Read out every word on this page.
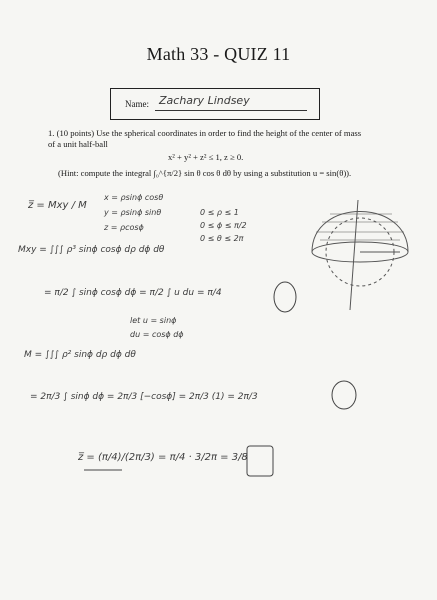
Math 33 - QUIZ 11
Name: Zachary Lindsey
1. (10 points) Use the spherical coordinates in order to find the height of the center of mass of a unit half-ball
x² + y² + z² ≤ 1, z ≥ 0.
(Hint: compute the integral ∫₀^{π/2} sin θ cos θ dθ by using a substitution u = sin(θ)).
z̅ = Mxy / M
x = ρsinϕ cosθ
y = ρsinϕ sinθ
z = ρcosϕ
0 ≤ ρ ≤ 1
0 ≤ ϕ ≤ π/2
0 ≤ θ ≤ 2π
Mxy = ∫∫∫ ρ³ sinϕ cosϕ dρ dϕ dθ
= π/2 ∫ sinϕ cosϕ dϕ = π/2 ∫ u du = π/4
let u = sinϕ
du = cosϕ dϕ
M = ∫∫∫ ρ² sinϕ dρ dϕ dθ
= 2π/3 ∫ sinϕ dϕ = 2π/3 [−cosϕ] = 2π/3 (1) = 2π/3
z̅ = (π/4)/(2π/3) = π/4 · 3/2π = 3/8
